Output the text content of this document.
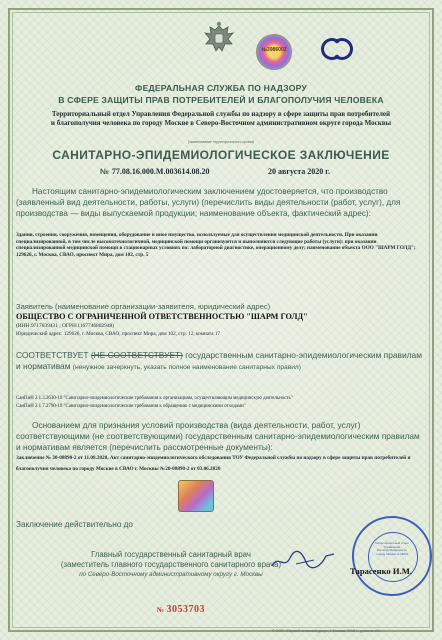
№3986002
ФЕДЕРАЛЬНАЯ СЛУЖБА ПО НАДЗОРУ
В СФЕРЕ ЗАЩИТЫ ПРАВ ПОТРЕБИТЕЛЕЙ И БЛАГОПОЛУЧИЯ ЧЕЛОВЕКА
Территориальный отдел Управления Федеральной службы по надзору в сфере защиты прав потребителей
и благополучия человека по городу Москве в Северо-Восточном административном округе города Москвы
(наименование территориального органа)
САНИТАРНО-ЭПИДЕМИОЛОГИЧЕСКОЕ ЗАКЛЮЧЕНИЕ
№ 77.08.16.000.М.003614.08.20	20 августа 2020 г.
Настоящим санитарно-эпидемиологическим заключением удостоверяется, что производство (заявленный вид деятельности, работы, услуги) (перечислить виды деятельности (работ, услуг), для производства — виды выпускаемой продукции; наименование объекта, фактический адрес):
Здания, строения, сооружения, помещения, оборудование и иное имущество, используемые для осуществления медицинской деятельности. При оказании специализированной, в том числе высокотехнологичной, медицинской помощи организуются и выполняются следующие работы (услуги): при оказании специализированной медицинской помощи в стационарных условиях по: лабораторной диагностике, операционному делу; наименование объекта ООО "ШАРМ ГОЛД"; 129626, г. Москва, СВАО, проспект Мира, дом 102, стр. 5
Заявитель (наименование организации-заявителя, юридический адрес)
ОБЩЕСТВО С ОГРАНИЧЕННОЙ ОТВЕТСТВЕННОСТЬЮ "ШАРМ ГОЛД"
(ИНН:9717039431 , ОГРН:1167746802948)
Юридический адрес: 129626, г. Москва, СВАО, проспект Мира, дом 102, стр. 12, комната 17
СООТВЕТСТВУЕТ (НЕ СООТВЕТСТВУЕТ) государственным санитарно-эпидемиологическим правилам и нормативам (ненужное зачеркнуть, указать полное наименование санитарных правил)
СанПиН 2.1.3.2630-10 "Санитарно-эпидемиологические требования к организациям, осуществляющим медицинскую деятельность"
СанПиН 2.1.7.2790-10 "Санитарно-эпидемиологические требования к обращению с медицинскими отходами"
Основанием для признания условий производства (вида деятельности, работ, услуг) соответствующими (не соответствующими) государственным санитарно-эпидемиологическим правилам и нормативам является (перечислить рассмотренные документы):
Заключение № 30-08890-2 от 11.08.2020, Акт санитарно-эпидемиологического обследования ТОУ Федеральной службы по надзору в сфере защиты прав потребителей и благополучия человека по городу Москве в СВАО г. Москвы №20-08890-2 от 03.06.2020
Территориальный отдел Управления Роспотребнадзора по городу Москве в СВАО
Заключение действительно до
Главный государственный санитарный врач
(заместитель главного государственного санитарного врача)
по Северо-Восточному административному округу г. Москвы	Тарасенко И.М.
№ 3053703
© ООО «Первый печатный двор», г. Москва, 2016 г., уровень «В»
